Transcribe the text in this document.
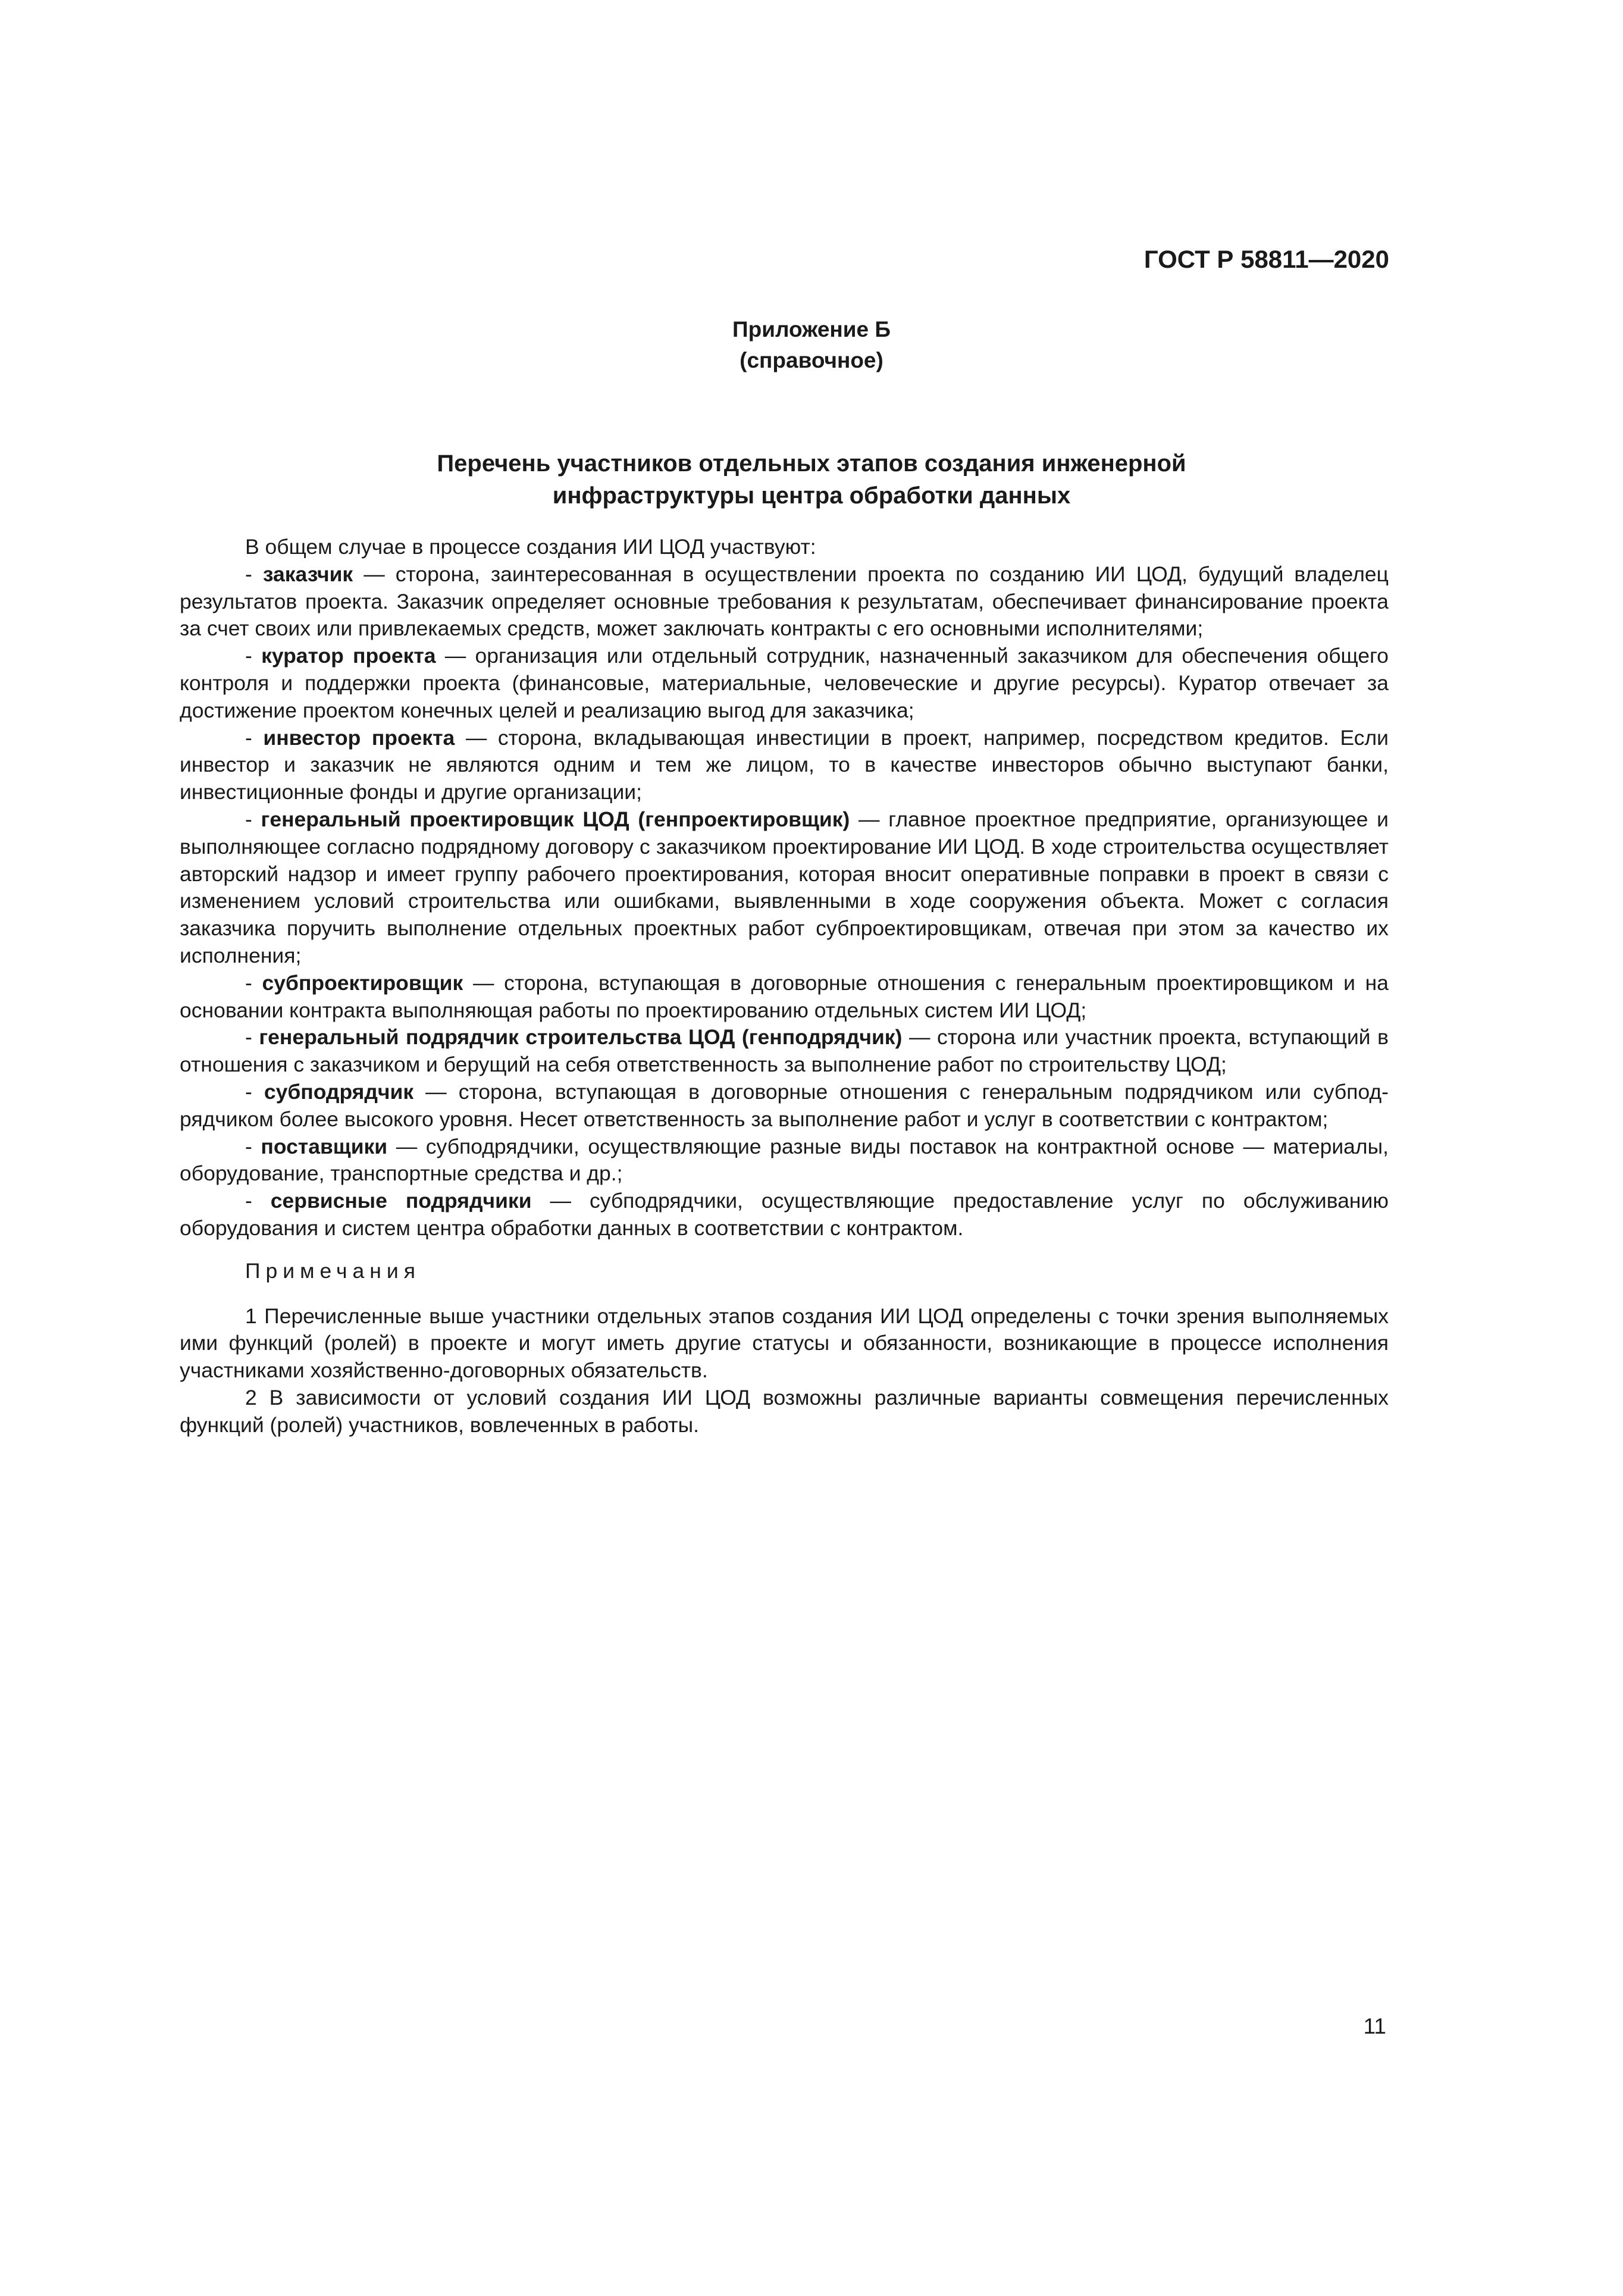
ГОСТ Р 58811—2020
Приложение Б
(справочное)
Перечень участников отдельных этапов создания инженерной
инфраструктуры центра обработки данных

В общем случае в процессе создания ИИ ЦОД участвуют:

- заказчик — сторона, заинтересованная в осуществлении проекта по созданию ИИ ЦОД, будущий владелец результатов проекта. Заказчик определяет основные требования к результатам, обеспечивает финансирование проекта за счет своих или привлекаемых средств, может заключать контракты с его основными исполнителями;

- куратор проекта — организация или отдельный сотрудник, назначенный заказчиком для обеспечения общего контроля и поддержки проекта (финансовые, материальные, человеческие и другие ресурсы). Куратор отвечает за достижение проектом конечных целей и реализацию выгод для заказчика;

- инвестор проекта — сторона, вкладывающая инвестиции в проект, например, посредством кредитов. Если инвестор и заказчик не являются одним и тем же лицом, то в качестве инвесторов обычно выступают банки, инвестиционные фонды и другие организации;

- генеральный проектировщик ЦОД (генпроектировщик) — главное проектное предприятие, организующее и выполняющее согласно подрядному договору с заказчиком проектирование ИИ ЦОД. В ходе строительства осуществляет авторский надзор и имеет группу рабочего проектирования, которая вносит оперативные поправки в проект в связи с изменением условий строительства или ошибками, выявленными в ходе сооружения объекта. Может с согласия заказчика поручить выполнение отдельных проектных работ субпроектировщикам, отвечая при этом за качество их исполнения;

- субпроектировщик — сторона, вступающая в договорные отношения с генеральным проектировщиком и на основании контракта выполняющая работы по проектированию отдельных систем ИИ ЦОД;

- генеральный подрядчик строительства ЦОД (генподрядчик) — сторона или участник проекта, вступающий в отношения с заказчиком и берущий на себя ответственность за выполнение работ по строительству ЦОД;

- субподрядчик — сторона, вступающая в договорные отношения с генеральным подрядчиком или субподрядчиком более высокого уровня. Несет ответственность за выполнение работ и услуг в соответствии с контрактом;

- поставщики — субподрядчики, осуществляющие разные виды поставок на контрактной основе — материалы, оборудование, транспортные средства и др.;

- сервисные подрядчики — субподрядчики, осуществляющие предоставление услуг по обслуживанию оборудования и систем центра обработки данных в соответствии с контрактом.

Примечания

1 Перечисленные выше участники отдельных этапов создания ИИ ЦОД определены с точки зрения выполняемых ими функций (ролей) в проекте и могут иметь другие статусы и обязанности, возникающие в процессе исполнения участниками хозяйственно-договорных обязательств.

2 В зависимости от условий создания ИИ ЦОД возможны различные варианты совмещения перечисленных функций (ролей) участников, вовлеченных в работы.

11
